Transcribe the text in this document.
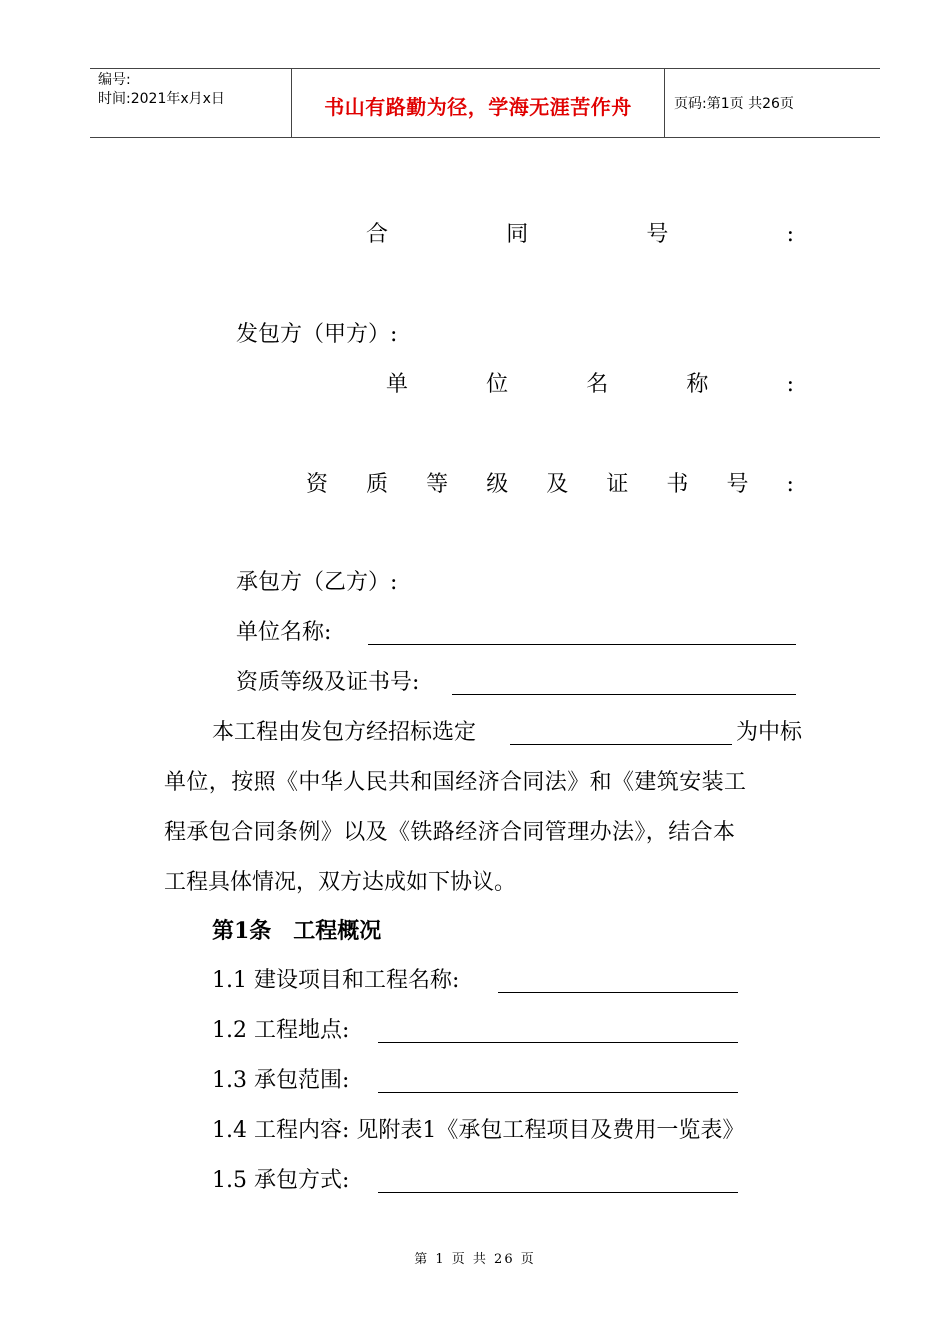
编号:
时间:2021年x月x日	书山有路勤为径，学海无涯苦作舟	页码:第1页 共26页
合	同	号	:
发包方（甲方）:
单	位	名	称	:
资 质 等 级 及 证 书 号 :
承包方（乙方）:
单位名称:
资质等级及证书号:
本工程由发包方经招标选定	为中标
单位，按照《中华人民共和国经济合同法》和《建筑安装工
程承包合同条例》以及《铁路经济合同管理办法》，结合本
工程具体情况，双方达成如下协议。
第1条　工程概况
1.1 建设项目和工程名称:
1.2 工程地点:
1.3 承包范围:
1.4 工程内容: 见附表1《承包工程项目及费用一览表》
1.5 承包方式:
第 1 页 共 26 页
